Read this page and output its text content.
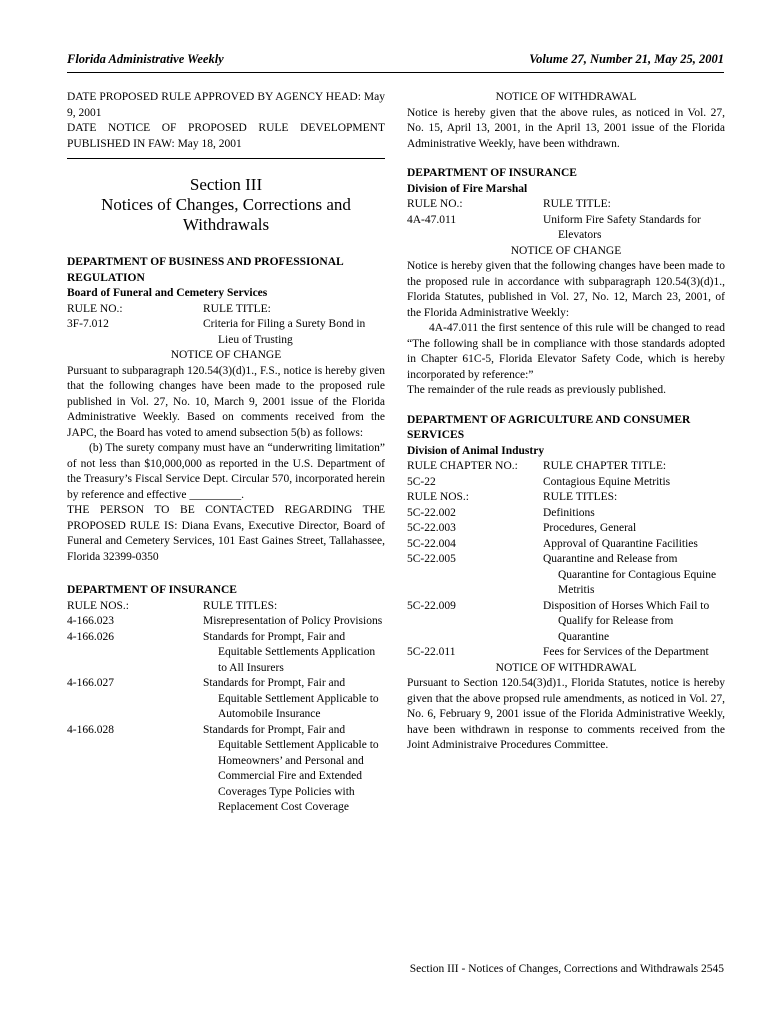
Florida Administrative Weekly	Volume 27, Number 21, May 25, 2001

DATE PROPOSED RULE APPROVED BY AGENCY HEAD: May 9, 2001

DATE NOTICE OF PROPOSED RULE DEVELOPMENT PUBLISHED IN FAW: May 18, 2001

Section III
Notices of Changes, Corrections and
Withdrawals

DEPARTMENT OF BUSINESS AND PROFESSIONAL REGULATION

Board of Funeral and Cemetery Services

RULE NO.:	RULE TITLE:
3F-7.012	Criteria for Filing a Surety Bond in Lieu of Trusting

NOTICE OF CHANGE

Pursuant to subparagraph 120.54(3)(d)1., F.S., notice is hereby given that the following changes have been made to the proposed rule published in Vol. 27, No. 10, March 9, 2001 issue of the Florida Administrative Weekly. Based on comments received from the JAPC, the Board has voted to amend subsection 5(b) as follows:

(b) The surety company must have an “underwriting limitation” of not less than $10,000,000 as reported in the U.S. Department of the Treasury’s Fiscal Service Dept. Circular 570, incorporated herein by reference and effective _________.

THE PERSON TO BE CONTACTED REGARDING THE PROPOSED RULE IS: Diana Evans, Executive Director, Board of Funeral and Cemetery Services, 101 East Gaines Street, Tallahassee, Florida 32399-0350

DEPARTMENT OF INSURANCE

RULE NOS.:	RULE TITLES:
4-166.023	Misrepresentation of Policy Provisions
4-166.026	Standards for Prompt, Fair and Equitable Settlements Application to All Insurers
4-166.027	Standards for Prompt, Fair and Equitable Settlement Applicable to Automobile Insurance
4-166.028	Standards for Prompt, Fair and Equitable Settlement Applicable to Homeowners’ and Personal and Commercial Fire and Extended Coverages Type Policies with Replacement Cost Coverage

NOTICE OF WITHDRAWAL

Notice is hereby given that the above rules, as noticed in Vol. 27, No. 15, April 13, 2001, in the April 13, 2001 issue of the Florida Administrative Weekly, have been withdrawn.

DEPARTMENT OF INSURANCE

Division of Fire Marshal

RULE NO.:	RULE TITLE:
4A-47.011	Uniform Fire Safety Standards for Elevators

NOTICE OF CHANGE

Notice is hereby given that the following changes have been made to the proposed rule in accordance with subparagraph 120.54(3)(d)1., Florida Statutes, published in Vol. 27, No. 12, March 23, 2001, of the Florida Administrative Weekly:

4A-47.011 the first sentence of this rule will be changed to read “The following shall be in compliance with those standards adopted in Chapter 61C-5, Florida Elevator Safety Code, which is hereby incorporated by reference:”

The remainder of the rule reads as previously published.

DEPARTMENT OF AGRICULTURE AND CONSUMER SERVICES

Division of Animal Industry

RULE CHAPTER NO.:	RULE CHAPTER TITLE:
5C-22	Contagious Equine Metritis
RULE NOS.:	RULE TITLES:
5C-22.002	Definitions
5C-22.003	Procedures, General
5C-22.004	Approval of Quarantine Facilities
5C-22.005	Quarantine and Release from Quarantine for Contagious Equine Metritis
5C-22.009	Disposition of Horses Which Fail to Qualify for Release from Quarantine
5C-22.011	Fees for Services of the Department

NOTICE OF WITHDRAWAL

Pursuant to Section 120.54(3)d)1., Florida Statutes, notice is hereby given that the above propsed rule amendments, as noticed in Vol. 27, No. 6, February 9, 2001 issue of the Florida Administrative Weekly, have been withdrawn in response to comments received from the Joint Administraive Procedures Committee.

Section III - Notices of Changes, Corrections and Withdrawals 2545
